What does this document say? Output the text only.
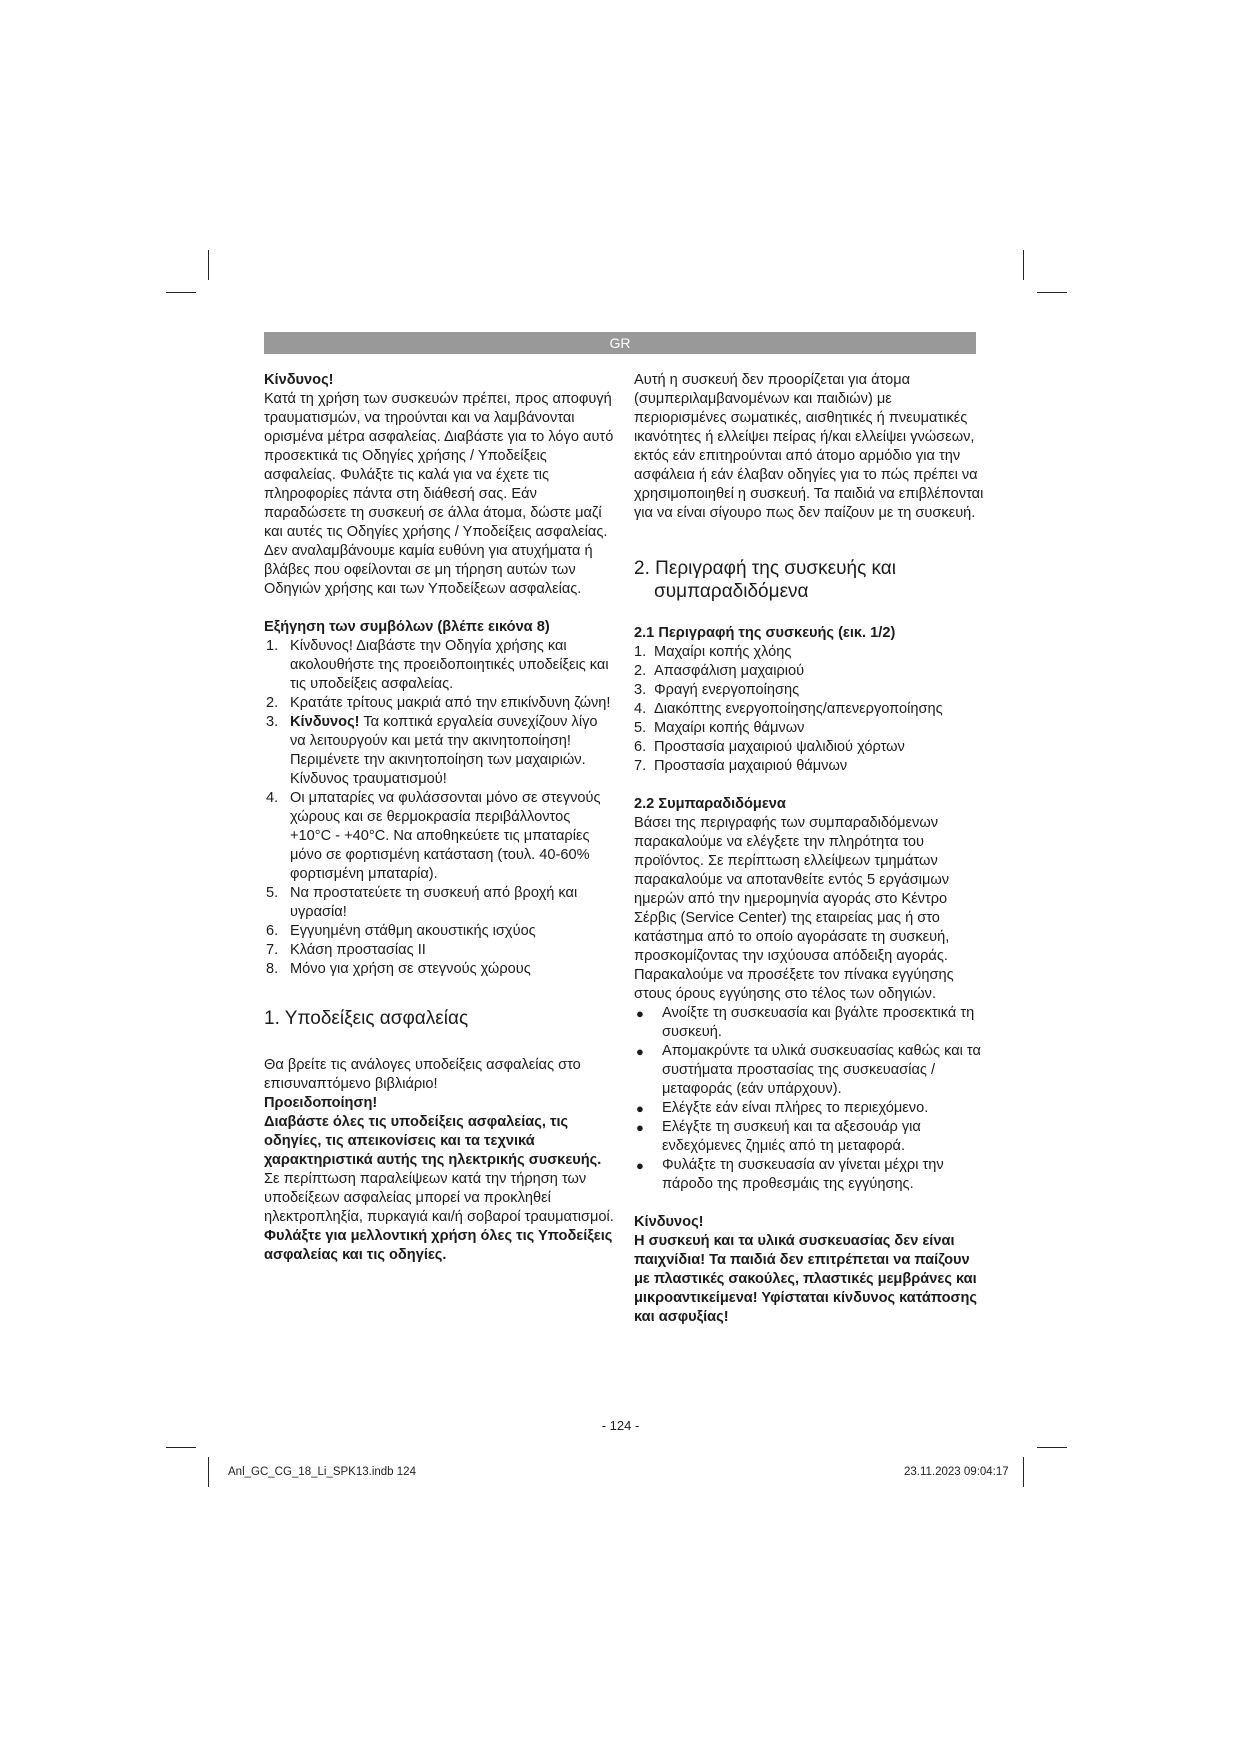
GR

Κίνδυνος!

Κατά τη χρήση των συσκευών πρέπει, προς αποφυγή τραυματισμών, να τηρούνται και να λαμβάνονται ορισμένα μέτρα ασφαλείας. Διαβάστε για το λόγο αυτό προσεκτικά τις Οδηγίες χρήσης / Υποδείξεις ασφαλείας. Φυλάξτε τις καλά για να έχετε τις πληροφορίες πάντα στη διάθεσή σας. Εάν παραδώσετε τη συσκευή σε άλλα άτομα, δώστε μαζί και αυτές τις Οδηγίες χρήσης / Υποδείξεις ασφαλείας. Δεν αναλαμβάνουμε καμία ευθύνη για ατυχήματα ή βλάβες που οφείλονται σε μη τήρηση αυτών των Οδηγιών χρήσης και των Υποδείξεων ασφαλείας.

Εξήγηση των συμβόλων (βλέπε εικόνα 8)

1. Κίνδυνος! Διαβάστε την Οδηγία χρήσης και ακολουθήστε της προειδοποιητικές υποδείξεις και τις υποδείξεις ασφαλείας.
2. Κρατάτε τρίτους μακριά από την επικίνδυνη ζώνη!
3. Κίνδυνος! Τα κοπτικά εργαλεία συνεχίζουν λίγο να λειτουργούν και μετά την ακινητοποίηση! Περιμένετε την ακινητοποίηση των μαχαιριών. Κίνδυνος τραυματισμού!
4. Οι μπαταρίες να φυλάσσονται μόνο σε στεγνούς χώρους και σε θερμοκρασία περιβάλλοντος +10°C - +40°C. Να αποθηκεύετε τις μπαταρίες μόνο σε φορτισμένη κατάσταση (τουλ. 40-60% φορτισμένη μπαταρία).
5. Να προστατεύετε τη συσκευή από βροχή και υγρασία!
6. Εγγυημένη στάθμη ακουστικής ισχύος
7. Κλάση προστασίας II
8. Μόνο για χρήση σε στεγνούς χώρους
1. Υποδείξεις ασφαλείας

Θα βρείτε τις ανάλογες υποδείξεις ασφαλείας στο επισυναπτόμενο βιβλιάριο!

Προειδοποίηση!

Διαβάστε όλες τις υποδείξεις ασφαλείας, τις οδηγίες, τις απεικονίσεις και τα τεχνικά χαρακτηριστικά αυτής της ηλεκτρικής συσκευής. Σε περίπτωση παραλείψεων κατά την τήρηση των υποδείξεων ασφαλείας μπορεί να προκληθεί ηλεκτροπληξία, πυρκαγιά και/ή σοβαροί τραυματισμοί.

Φυλάξτε για μελλοντική χρήση όλες τις Υποδείξεις ασφαλείας και τις οδηγίες.

Αυτή η συσκευή δεν προορίζεται για άτομα (συμπεριλαμβανομένων και παιδιών) με περιορισμένες σωματικές, αισθητικές ή πνευματικές ικανότητες ή ελλείψει πείρας ή/και ελλείψει γνώσεων, εκτός εάν επιτηρούνται από άτομο αρμόδιο για την ασφάλεια ή εάν έλαβαν οδηγίες για το πώς πρέπει να χρησιμοποιηθεί η συσκευή. Τα παιδιά να επιβλέπονται για να είναι σίγουρο πως δεν παίζουν με τη συσκευή.

2. Περιγραφή της συσκευής και
συμπαραδιδόμενα

2.1 Περιγραφή της συσκευής (εικ. 1/2)

1. Μαχαίρι κοπής χλόης
2. Απασφάλιση μαχαιριού
3. Φραγή ενεργοποίησης
4. Διακόπτης ενεργοποίησης/απενεργοποίησης
5. Μαχαίρι κοπής θάμνων
6. Προστασία μαχαιριού ψαλιδιού χόρτων
7. Προστασία μαχαιριού θάμνων

2.2 Συμπαραδιδόμενα

Βάσει της περιγραφής των συμπαραδιδόμενων παρακαλούμε να ελέγξετε την πληρότητα του προϊόντος. Σε περίπτωση ελλείψεων τμημάτων παρακαλούμε να αποτανθείτε εντός 5 εργάσιμων ημερών από την ημερομηνία αγοράς στο Κέντρο Σέρβις (Service Center) της εταιρείας μας ή στο κατάστημα από το οποίο αγοράσατε τη συσκευή, προσκομίζοντας την ισχύουσα απόδειξη αγοράς. Παρακαλούμε να προσέξετε τον πίνακα εγγύησης στους όρους εγγύησης στο τέλος των οδηγιών.

● Ανοίξτε τη συσκευασία και βγάλτε προσεκτικά τη συσκευή.
● Απομακρύντε τα υλικά συσκευασίας καθώς και τα συστήματα προστασίας της συσκευασίας / μεταφοράς (εάν υπάρχουν).
● Ελέγξτε εάν είναι πλήρες το περιεχόμενο.
● Ελέγξτε τη συσκευή και τα αξεσουάρ για ενδεχόμενες ζημιές από τη μεταφορά.
● Φυλάξτε τη συσκευασία αν γίνεται μέχρι την πάροδο της προθεσμάις της εγγύησης.

Κίνδυνος!

Η συσκευή και τα υλικά συσκευασίας δεν είναι παιχνίδια! Τα παιδιά δεν επιτρέπεται να παίζουν με πλαστικές σακούλες, πλαστικές μεμβράνες και μικροαντικείμενα! Υφίσταται κίνδυνος κατάποσης και ασφυξίας!

- 124 -
Anl_GC_CG_18_Li_SPK13.indb 124	23.11.2023 09:04:17
